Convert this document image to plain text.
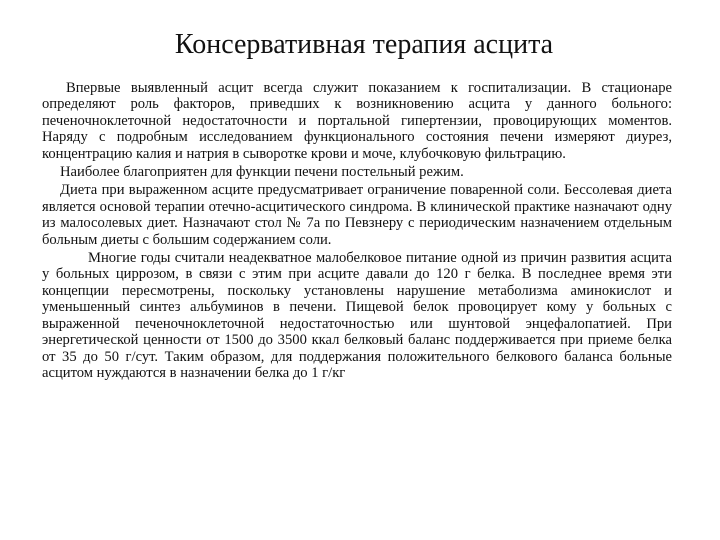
Консервативная терапия асцита

Впервые выявленный асцит всегда служит показанием к госпитализации. В стационаре определяют роль факторов, приведших к возникновению асцита у данного больного: печеночноклеточной недостаточности и портальной гипертензии, провоцирующих моментов. Наряду с подробным исследованием функционального состояния печени измеряют диурез, концентрацию калия и натрия в сыворотке крови и моче, клубочковую фильтрацию.

Наиболее благоприятен для функции печени постельный режим.

Диета при выраженном асците предусматривает ограничение поваренной соли. Бессолевая диета является основой терапии отечно-асцитического синдрома. В клинической практике назначают одну из малосолевых диет. Назначают стол № 7а по Певзнеру с периодическим назначением отдельным больным диеты с большим содержанием соли.

Многие годы считали неадекватное малобелковое питание одной из причин развития асцита у больных циррозом, в связи с этим при асците давали до 120 г белка. В последнее время эти концепции пересмотрены, поскольку установлены нарушение метаболизма аминокислот и уменьшенный синтез альбуминов в печени. Пищевой белок провоцирует кому у больных с выраженной печеночноклеточной недостаточностью или шунтовой энцефалопатией. При энергетической ценности от 1500 до 3500 ккал белковый баланс поддерживается при приеме белка от 35 до 50 г/сут. Таким образом, для поддержания положительного белкового баланса больные асцитом нуждаются в назначении белка до 1 г/кг
